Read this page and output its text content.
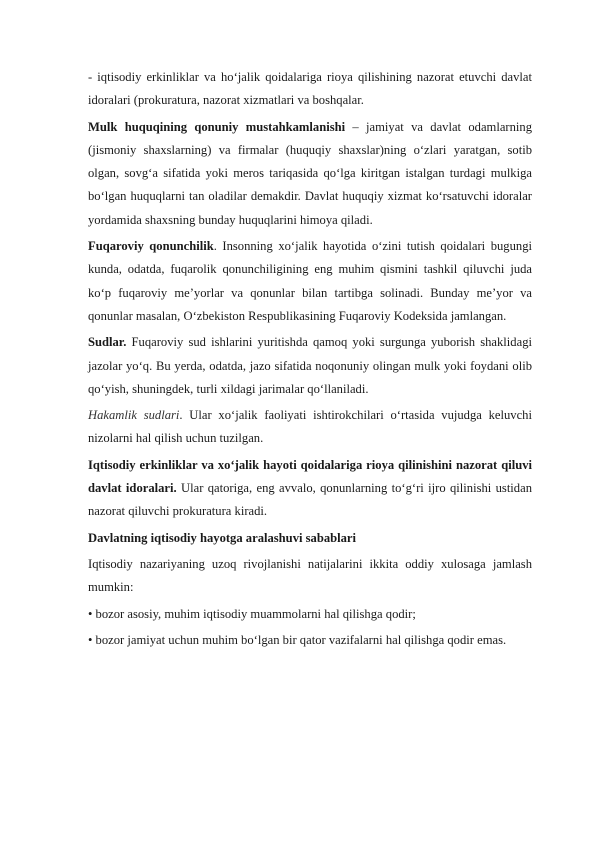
- iqtisodiy erkinliklar va ho‘jalik qoidalariga rioya qilishining nazorat etuvchi davlat idoralari (prokuratura, nazorat xizmatlari va boshqalar.

Mulk huquqining qonuniy mustahkamlanishi – jamiyat va davlat odamlarning (jismoniy shaxslarning) va firmalar (huquqiy shaxslar)ning o‘zlari yaratgan, sotib olgan, sovg‘a sifatida yoki meros tariqasida qo‘lga kiritgan istalgan turdagi mulkiga bo‘lgan huquqlarni tan oladilar demakdir. Davlat huquqiy xizmat ko‘rsatuvchi idoralar yordamida shaxsning bunday huquqlarini himoya qiladi.

Fuqaroviy qonunchilik. Insonning xo‘jalik hayotida o‘zini tutish qoidalari bugungi kunda, odatda, fuqarolik qonunchiligining eng muhim qismini tashkil qiluvchi juda ko‘p fuqaroviy me’yorlar va qonunlar bilan tartibga solinadi. Bunday me’yor va qonunlar masalan, O‘zbekiston Respublikasining Fuqaroviy Kodeksida jamlangan.

Sudlar. Fuqaroviy sud ishlarini yuritishda qamoq yoki surgunga yuborish shaklidagi jazolar yo‘q. Bu yerda, odatda, jazo sifatida noqonuniy olingan mulk yoki foydani olib qo‘yish, shuningdek, turli xildagi jarimalar qo‘llaniladi.

Hakamlik sudlari. Ular xo‘jalik faoliyati ishtirokchilari o‘rtasida vujudga keluvchi nizolarni hal qilish uchun tuzilgan.

Iqtisodiy erkinliklar va xo‘jalik hayoti qoidalariga rioya qilinishini nazorat qiluvi davlat idoralari. Ular qatoriga, eng avvalo, qonunlarning to‘g‘ri ijro qilinishi ustidan nazorat qiluvchi prokuratura kiradi.

Davlatning iqtisodiy hayotga aralashuvi sabablari

Iqtisodiy nazariyaning uzoq rivojlanishi natijalarini ikkita oddiy xulosaga jamlash mumkin:

• bozor asosiy, muhim iqtisodiy muammolarni hal qilishga qodir;

• bozor jamiyat uchun muhim bo‘lgan bir qator vazifalarni hal qilishga qodir emas.
